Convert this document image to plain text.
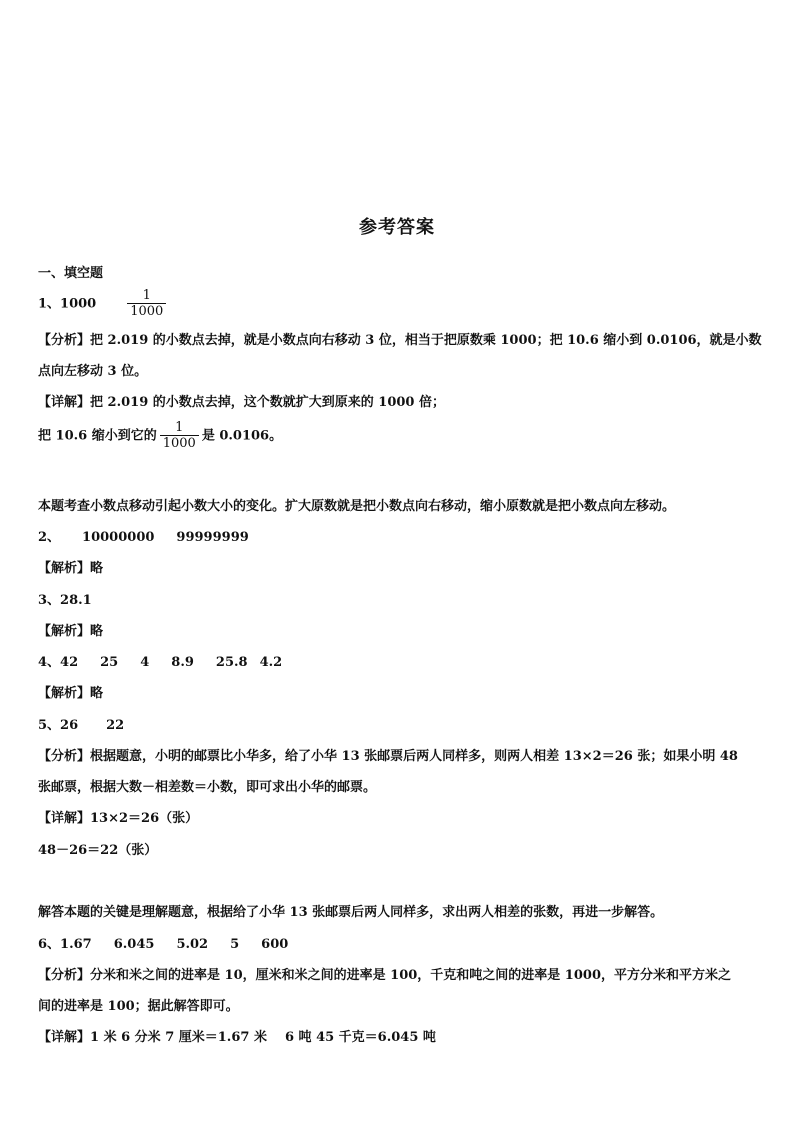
参考答案
一、填空题
1、$1000 \frac{1}{1000}$
【分析】把 2.019 的小数点去掉，就是小数点向右移动 3 位，相当于把原数乘 1000；把 10.6 缩小到 0.0106，就是小数
点向左移动 3 位。
【详解】把 2.019 的小数点去掉，这个数就扩大到原来的 1000 倍；
把 10.6 缩小到它的 $\frac{1}{1000}$ 是 0.0106。
本题考查小数点移动引起小数大小的变化。扩大原数就是把小数点向右移动，缩小原数就是把小数点向左移动。
2、 10000000 99999999
【解析】略
3、28.1
【解析】略
4、42 25 4 8.9 25.8 4.2
【解析】略
5、26 22
【分析】根据题意，小明的邮票比小华多，给了小华 13 张邮票后两人同样多，则两人相差 13×2＝26 张；如果小明 48
张邮票，根据大数－相差数＝小数，即可求出小华的邮票。
【详解】13×2＝26（张）
48－26＝22（张）
解答本题的关键是理解题意，根据给了小华 13 张邮票后两人同样多，求出两人相差的张数，再进一步解答。
6、1.67 6.045 5.02 5 600
【分析】分米和米之间的进率是 10，厘米和米之间的进率是 100，千克和吨之间的进率是 1000，平方分米和平方米之
间的进率是 100；据此解答即可。
【详解】1 米 6 分米 7 厘米＝1.67 米 6 吨 45 千克＝6.045 吨
